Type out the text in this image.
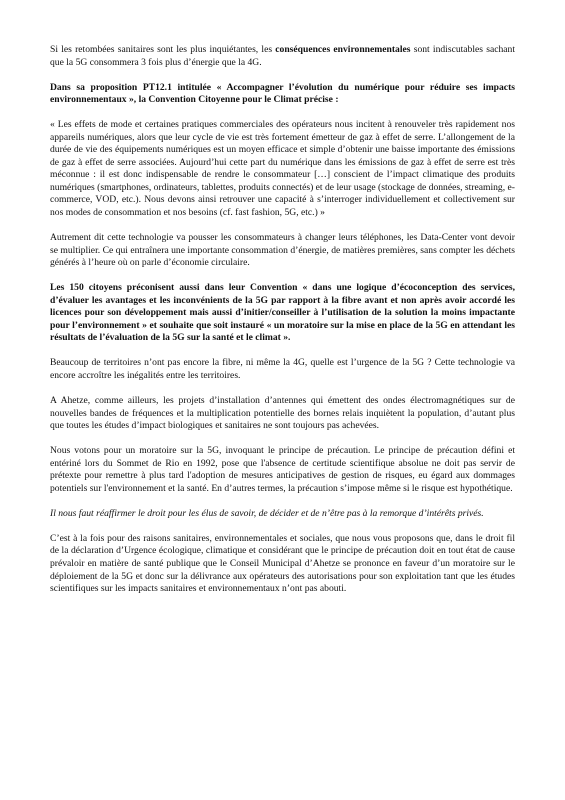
Si les retombées sanitaires sont les plus inquiétantes, les conséquences environnementales sont indiscutables sachant que la 5G consommera 3 fois plus d’énergie que la 4G.

Dans sa proposition PT12.1 intitulée « Accompagner l’évolution du numérique pour réduire ses impacts environnementaux », la Convention Citoyenne pour le Climat précise :

« Les effets de mode et certaines pratiques commerciales des opérateurs nous incitent à renouveler très rapidement nos appareils numériques, alors que leur cycle de vie est très fortement émetteur de gaz à effet de serre. L’allongement de la durée de vie des équipements numériques est un moyen efficace et simple d’obtenir une baisse importante des émissions de gaz à effet de serre associées. Aujourd’hui cette part du numérique dans les émissions de gaz à effet de serre est très méconnue : il est donc indispensable de rendre le consommateur […] conscient de l’impact climatique des produits numériques (smartphones, ordinateurs, tablettes, produits connectés) et de leur usage (stockage de données, streaming, e-commerce, VOD, etc.). Nous devons ainsi retrouver une capacité à s’interroger individuellement et collectivement sur nos modes de consommation et nos besoins (cf. fast fashion, 5G, etc.) »

Autrement dit cette technologie va pousser les consommateurs à changer leurs téléphones, les Data-Center vont devoir se multiplier. Ce qui entraînera une importante consommation d’énergie, de matières premières, sans compter les déchets générés à l’heure où on parle d’économie circulaire.

Les 150 citoyens préconisent aussi dans leur Convention « dans une logique d’écoconception des services, d’évaluer les avantages et les inconvénients de la 5G par rapport à la fibre avant et non après avoir accordé les licences pour son développement mais aussi d’initier/conseiller à l’utilisation de la solution la moins impactante pour l’environnement » et souhaite que soit instauré « un moratoire sur la mise en place de la 5G en attendant les résultats de l’évaluation de la 5G sur la santé et le climat ».

Beaucoup de territoires n’ont pas encore la fibre, ni même la 4G, quelle est l’urgence de la 5G ? Cette technologie va encore accroître les inégalités entre les territoires.

A Ahetze, comme ailleurs, les projets d’installation d’antennes qui émettent des ondes électromagnétiques sur de nouvelles bandes de fréquences et la multiplication potentielle des bornes relais inquiètent la population, d’autant plus que toutes les études d’impact biologiques et sanitaires ne sont toujours pas achevées.

Nous votons pour un moratoire sur la 5G, invoquant le principe de précaution. Le principe de précaution défini et entériné lors du Sommet de Rio en 1992, pose que l'absence de certitude scientifique absolue ne doit pas servir de prétexte pour remettre à plus tard l'adoption de mesures anticipatives de gestion de risques, eu égard aux dommages potentiels sur l'environnement et la santé. En d’autres termes, la précaution s’impose même si le risque est hypothétique.

Il nous faut réaffirmer le droit pour les élus de savoir, de décider et de n’être pas à la remorque d’intérêts privés.

C’est à la fois pour des raisons sanitaires, environnementales et sociales, que nous vous proposons que, dans le droit fil de la déclaration d’Urgence écologique, climatique et considérant que le principe de précaution doit en tout état de cause prévaloir en matière de santé publique que le Conseil Municipal d’Ahetze se prononce en faveur d’un moratoire sur le déploiement de la 5G et donc sur la délivrance aux opérateurs des autorisations pour son exploitation tant que les études scientifiques sur les impacts sanitaires et environnementaux n’ont pas abouti.
